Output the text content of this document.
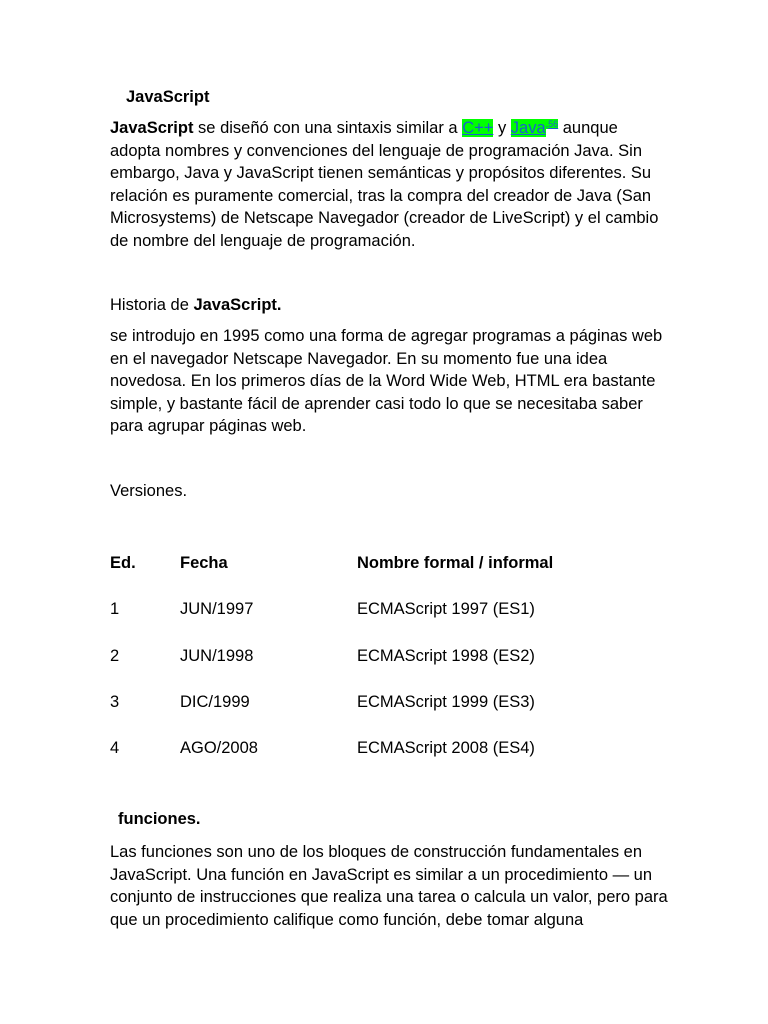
JavaScript
JavaScript se diseñó con una sintaxis similar a C++ y Java$^{,56}$ aunque adopta nombres y convenciones del lenguaje de programación Java. Sin embargo, Java y JavaScript tienen semánticas y propósitos diferentes. Su relación es puramente comercial, tras la compra del creador de Java (San Microsystems) de Netscape Navegador (creador de LiveScript) y el cambio de nombre del lenguaje de programación.
Historia de JavaScript.
se introdujo en 1995 como una forma de agregar programas a páginas web en el navegador Netscape Navegador. En su momento fue una idea novedosa. En los primeros días de la Word Wide Web, HTML era bastante simple, y bastante fácil de aprender casi todo lo que se necesitaba saber para agrupar páginas web.
Versiones.
Ed.	Fecha	Nombre formal / informal
1	JUN/1997	ECMAScript 1997 (ES1)
2	JUN/1998	ECMAScript 1998 (ES2)
3	DIC/1999	ECMAScript 1999 (ES3)
4	AGO/2008	ECMAScript 2008 (ES4)
funciones.
Las funciones son uno de los bloques de construcción fundamentales en JavaScript. Una función en JavaScript es similar a un procedimiento — un conjunto de instrucciones que realiza una tarea o calcula un valor, pero para que un procedimiento califique como función, debe tomar alguna
